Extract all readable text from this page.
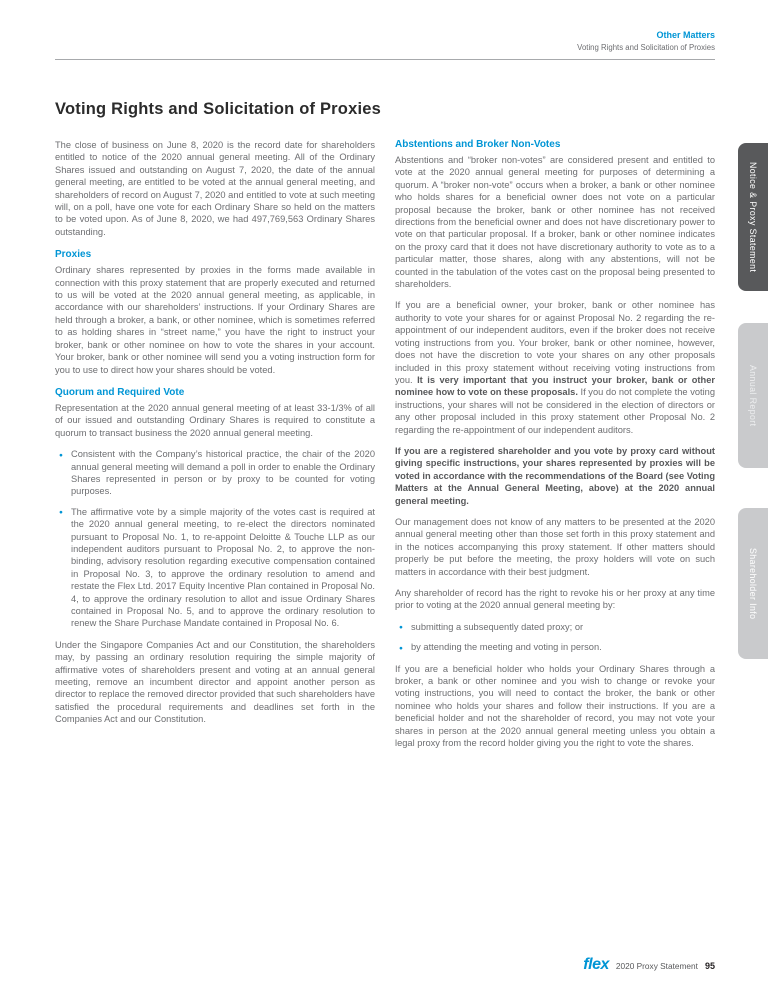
Other Matters
Voting Rights and Solicitation of Proxies
Voting Rights and Solicitation of Proxies

The close of business on June 8, 2020 is the record date for shareholders entitled to notice of the 2020 annual general meeting. All of the Ordinary Shares issued and outstanding on August 7, 2020, the date of the annual general meeting, are entitled to be voted at the annual general meeting, and shareholders of record on August 7, 2020 and entitled to vote at such meeting will, on a poll, have one vote for each Ordinary Share so held on the matters to be voted upon. As of June 8, 2020, we had 497,769,563 Ordinary Shares outstanding.

Proxies

Ordinary shares represented by proxies in the forms made available in connection with this proxy statement that are properly executed and returned to us will be voted at the 2020 annual general meeting, as applicable, in accordance with our shareholders’ instructions. If your Ordinary Shares are held through a broker, a bank, or other nominee, which is sometimes referred to as holding shares in “street name,” you have the right to instruct your broker, bank or other nominee on how to vote the shares in your account. Your broker, bank or other nominee will send you a voting instruction form for you to use to direct how your shares should be voted.

Quorum and Required Vote

Representation at the 2020 annual general meeting of at least 33-1/3% of all of our issued and outstanding Ordinary Shares is required to constitute a quorum to transact business the 2020 annual general meeting.

● Consistent with the Company’s historical practice, the chair of the 2020 annual general meeting will demand a poll in order to enable the Ordinary Shares represented in person or by proxy to be counted for voting purposes.
● The affirmative vote by a simple majority of the votes cast is required at the 2020 annual general meeting, to re-elect the directors nominated pursuant to Proposal No. 1, to re-appoint Deloitte & Touche LLP as our independent auditors pursuant to Proposal No. 2, to approve the non-binding, advisory resolution regarding executive compensation contained in Proposal No. 3, to approve the ordinary resolution to amend and restate the Flex Ltd. 2017 Equity Incentive Plan contained in Proposal No. 4, to approve the ordinary resolution to allot and issue Ordinary Shares contained in Proposal No. 5, and to approve the ordinary resolution to renew the Share Purchase Mandate contained in Proposal No. 6.

Under the Singapore Companies Act and our Constitution, the shareholders may, by passing an ordinary resolution requiring the simple majority of affirmative votes of shareholders present and voting at an annual general meeting, remove an incumbent director and appoint another person as director to replace the removed director provided that such shareholders have satisfied the procedural requirements and deadlines set forth in the Companies Act and our Constitution.

Abstentions and Broker Non-Votes

Abstentions and “broker non-votes” are considered present and entitled to vote at the 2020 annual general meeting for purposes of determining a quorum. A “broker non-vote” occurs when a broker, a bank or other nominee who holds shares for a beneficial owner does not vote on a particular proposal because the broker, bank or other nominee has not received directions from the beneficial owner and does not have discretionary power to vote on that particular proposal. If a broker, bank or other nominee indicates on the proxy card that it does not have discretionary authority to vote as to a particular matter, those shares, along with any abstentions, will not be counted in the tabulation of the votes cast on the proposal being presented to shareholders.

If you are a beneficial owner, your broker, bank or other nominee has authority to vote your shares for or against Proposal No. 2 regarding the re-appointment of our independent auditors, even if the broker does not receive voting instructions from you. Your broker, bank or other nominee, however, does not have the discretion to vote your shares on any other proposals included in this proxy statement without receiving voting instructions from you. It is very important that you instruct your broker, bank or other nominee how to vote on these proposals. If you do not complete the voting instructions, your shares will not be considered in the election of directors or any other proposal included in this proxy statement other Proposal No. 2 regarding the re-appointment of our independent auditors.

If you are a registered shareholder and you vote by proxy card without giving specific instructions, your shares represented by proxies will be voted in accordance with the recommendations of the Board (see Voting Matters at the Annual General Meeting, above) at the 2020 annual general meeting.

Our management does not know of any matters to be presented at the 2020 annual general meeting other than those set forth in this proxy statement and in the notices accompanying this proxy statement. If other matters should properly be put before the meeting, the proxy holders will vote on such matters in accordance with their best judgment.

Any shareholder of record has the right to revoke his or her proxy at any time prior to voting at the 2020 annual general meeting by:

● submitting a subsequently dated proxy; or
● by attending the meeting and voting in person.

If you are a beneficial holder who holds your Ordinary Shares through a broker, a bank or other nominee and you wish to change or revoke your voting instructions, you will need to contact the broker, the bank or other nominee who holds your shares and follow their instructions. If you are a beneficial holder and not the shareholder of record, you may not vote your shares in person at the 2020 annual general meeting unless you obtain a legal proxy from the record holder giving you the right to vote the shares.

Notice & Proxy Statement
Annual Report
Shareholder Info
flex 2020 Proxy Statement 95
